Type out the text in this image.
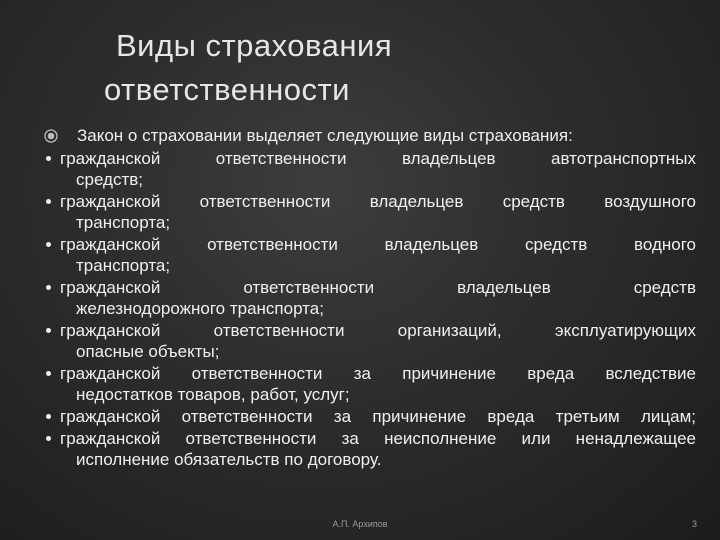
Виды страхования
ответственности
Закон о страховании выделяет следующие виды страхования:
гражданской ответственности владельцев автотранспортных
средств;
гражданской ответственности владельцев средств воздушного
транспорта;
гражданской ответственности владельцев средств водного
транспорта;
гражданской ответственности владельцев средств
железнодорожного транспорта;
гражданской ответственности организаций, эксплуатирующих
опасные объекты;
гражданской ответственности за причинение вреда вследствие
недостатков товаров, работ, услуг;
гражданской ответственности за причинение вреда третьим лицам;
гражданской ответственности за неисполнение или ненадлежащее
исполнение обязательств по договору.
А.П. Архипов	3
